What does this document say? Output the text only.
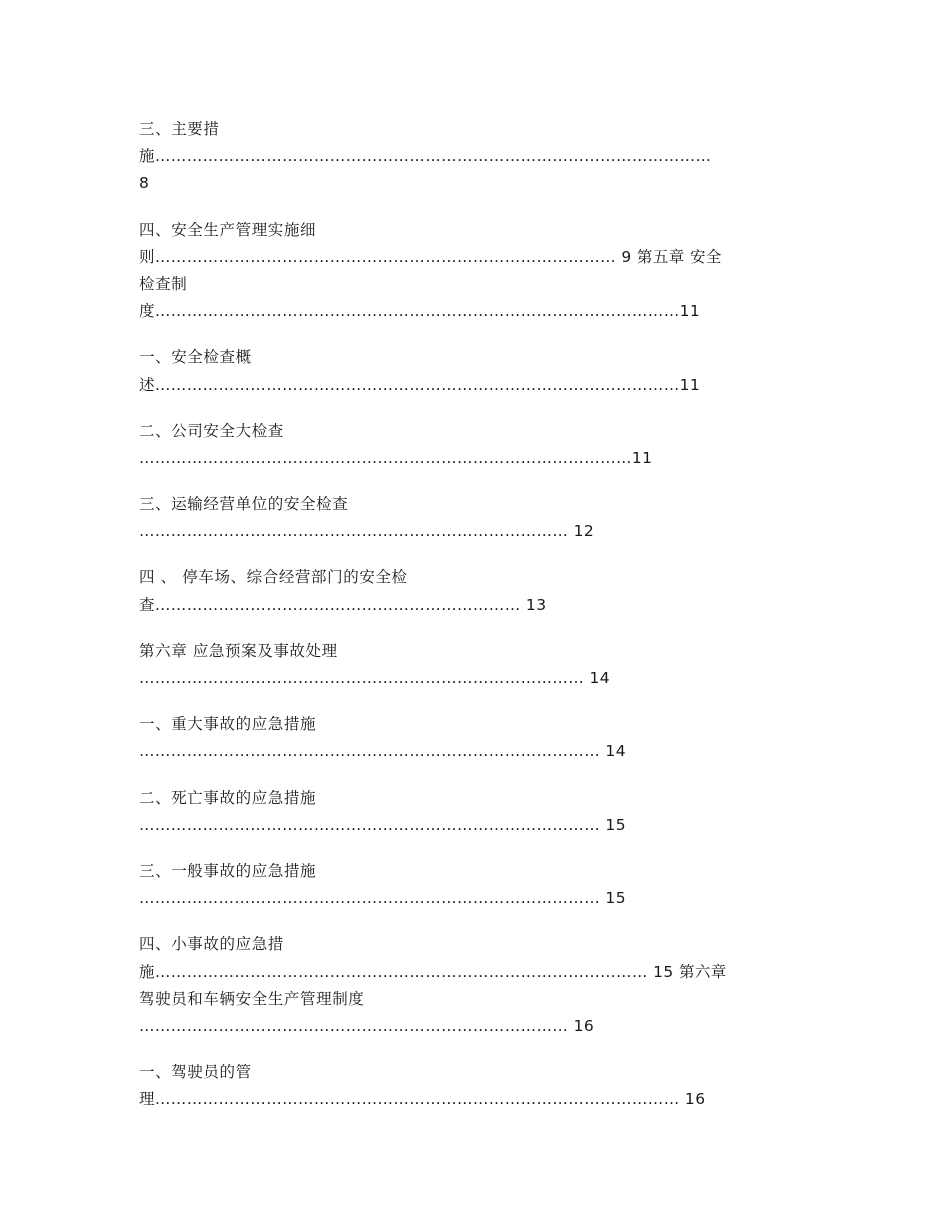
三、主要措
施……………………………………………………………………………………………
8
四、安全生产管理实施细
则…………………………………………………………………………… 9 第五章 安全
检查制
度………………………………………………………………………………………11
一、安全检查概
述………………………………………………………………………………………11
二、公司安全大检查
…………………………………………………………………………………11
三、运输经营单位的安全检查
……………………………………………………………………… 12
四 、 停车场、综合经营部门的安全检
查…………………………………………………………… 13
第六章 应急预案及事故处理
………………………………………………………………………… 14
一、重大事故的应急措施
…………………………………………………………………………… 14
二、死亡事故的应急措施
…………………………………………………………………………… 15
三、一般事故的应急措施
…………………………………………………………………………… 15
四、小事故的应急措
施………………………………………………………………………………… 15 第六章
驾驶员和车辆安全生产管理制度
……………………………………………………………………… 16
一、驾驶员的管
理……………………………………………………………………………………… 16
